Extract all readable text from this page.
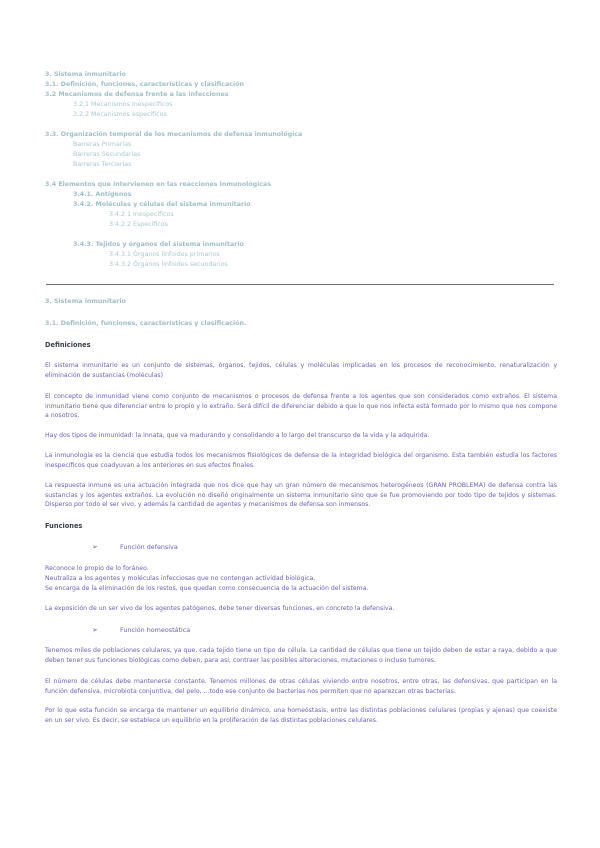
3. Sistema inmunitario
3.1. Definición, funciones, características y clasificación
3.2 Mecanismos de defensa frente a las infecciones
3.2.1 Mecanismos inespecíficos
3.2.2 Mecanismos específicos
3.3. Organización temporal de los mecanismos de defensa inmunológica
Barreras Primarias
Barreras Secundarias
Barreras Terciarias
3.4 Elementos que intervienen en las reacciones inmunológicas
3.4.1. Antígenos
3.4.2. Moléculas y células del sistema inmunitario
3.4.2.1 Inespecíficos
3.4.2.2 Específicos
3.4.3. Tejidos y órganos del sistema inmunitario
3.4.3.1 Órganos linfoides primarios
3.4.3.2 Órganos linfoides secundarios
3. Sistema inmunitario
3.1. Definición, funciones, características y clasificación.
Definiciones
El sistema inmunitario es un conjunto de sistemas, órganos, tejidos, células y moléculas implicadas en los procesos de reconocimiento, renaturalización y eliminación de sustancias (moléculas)
El concepto de inmunidad viene como conjunto de mecanismos o procesos de defensa frente a los agentes que son considerados como extraños. El sistema inmunitario tiene que diferenciar entre lo propio y lo extraño. Será difícil de diferenciar debido a que lo que nos infecta está formado por lo mismo que nos compone a nosotros.
Hay dos tipos de inmunidad: la innata, que va madurando y consolidando a lo largo del transcurso de la vida y la adquirida.
La inmunología es la ciencia que estudia todos los mecanismos fisiológicos de defensa de la integridad biológica del organismo. Esta también estudia los factores inespecíficos que coadyuvan a los anteriores en sus efectos finales.
La respuesta inmune es una actuación integrada que nos dice que hay un gran número de mecanismos heterogéneos (GRAN PROBLEMA) de defensa contra las sustancias y los agentes extraños. La evolución no diseñó originalmente un sistema inmunitario sino que se fue promoviendo por todo tipo de tejidos y sistemas. Disperso por todo el ser vivo, y además la cantidad de agentes y mecanismos de defensa son inmensos.
Funciones
➢	Función defensiva
Reconoce lo propio de lo foráneo.
Neutraliza a los agentes y moléculas infecciosas que no contengan actividad biológica.
Se encarga de la eliminación de los restos, que quedan como consecuencia de la actuación del sistema.
La exposición de un ser vivo de los agentes patógenos, debe tener diversas funciones, en concreto la defensiva.
➢	Función homeostática
Tenemos miles de poblaciones celulares, ya que, cada tejido tiene un tipo de célula. La cantidad de células que tiene un tejido deben de estar a raya, debido a que deben tener sus funciones biológicas como deben, para así, contraer las posibles alteraciones, mutaciones o incluso tumores.
El número de células debe mantenerse constante. Tenemos millones de otras células viviendo entre nosotros, entre otras, las defensivas, que participan en la función defensiva, microbiota conjuntiva, del pelo, ...todo ese conjunto de bacterias nos permiten que no aparezcan otras bacterias.
Por lo que esta función se encarga de mantener un equilibrio dinámico, una homeóstasis, entre las distintas poblaciones celulares (propias y ajenas) que coexiste en un ser vivo. Es decir, se establece un equilibrio en la proliferación de las distintas poblaciones celulares.
